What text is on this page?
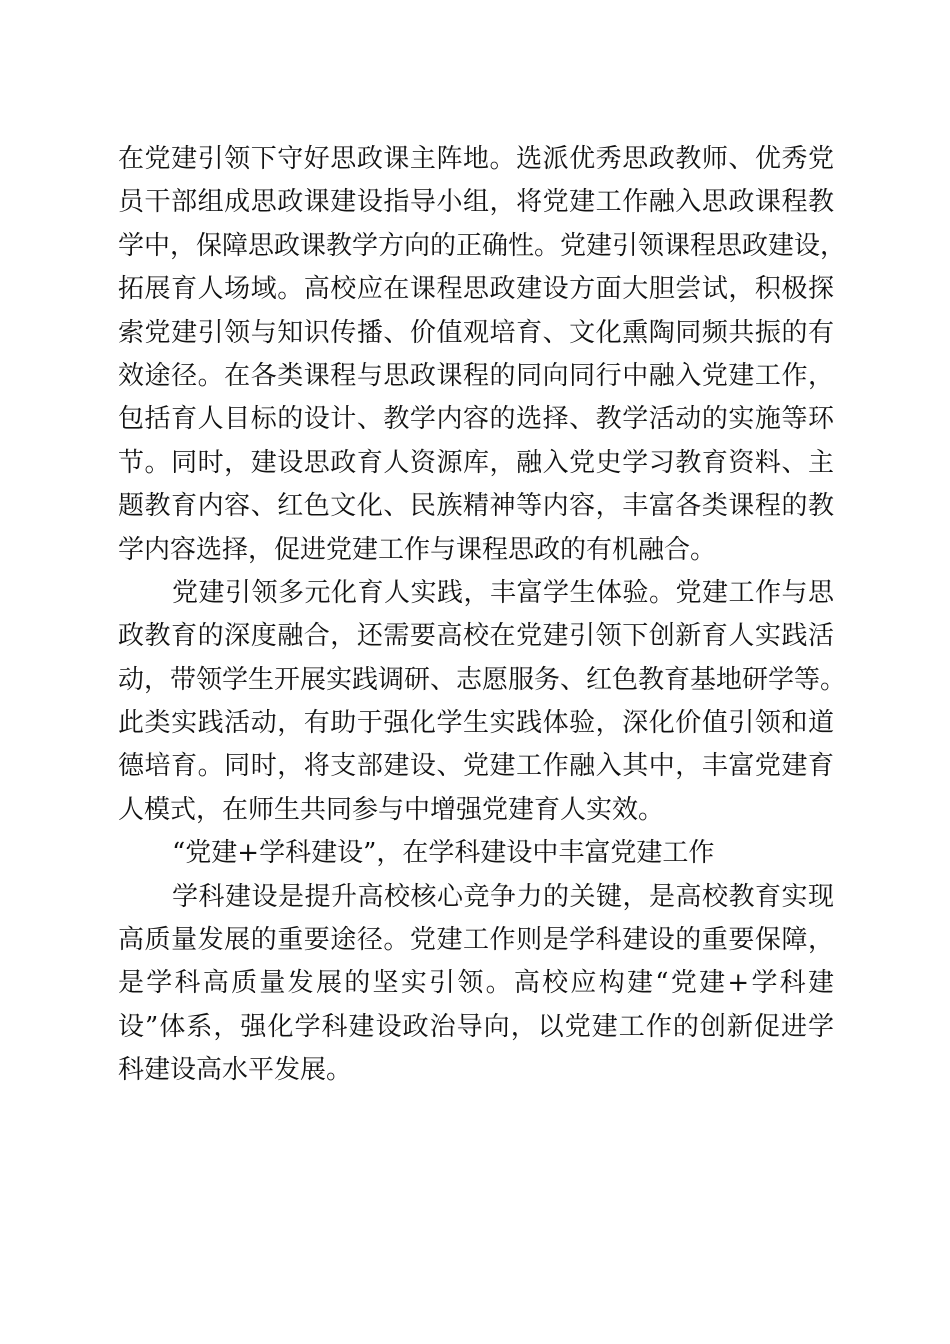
在党建引领下守好思政课主阵地。选派优秀思政教师、优秀党
员干部组成思政课建设指导小组，将党建工作融入思政课程教
学中，保障思政课教学方向的正确性。党建引领课程思政建设，
拓展育人场域。高校应在课程思政建设方面大胆尝试，积极探
索党建引领与知识传播、价值观培育、文化熏陶同频共振的有
效途径。在各类课程与思政课程的同向同行中融入党建工作，
包括育人目标的设计、教学内容的选择、教学活动的实施等环
节。同时，建设思政育人资源库，融入党史学习教育资料、主
题教育内容、红色文化、民族精神等内容，丰富各类课程的教
学内容选择，促进党建工作与课程思政的有机融合。
党建引领多元化育人实践，丰富学生体验。党建工作与思
政教育的深度融合，还需要高校在党建引领下创新育人实践活
动，带领学生开展实践调研、志愿服务、红色教育基地研学等。
此类实践活动，有助于强化学生实践体验，深化价值引领和道
德培育。同时，将支部建设、党建工作融入其中，丰富党建育
人模式，在师生共同参与中增强党建育人实效。
“党建+学科建设”，在学科建设中丰富党建工作
学科建设是提升高校核心竞争力的关键，是高校教育实现
高质量发展的重要途径。党建工作则是学科建设的重要保障，
是学科高质量发展的坚实引领。高校应构建“党建+学科建
设”体系，强化学科建设政治导向，以党建工作的创新促进学
科建设高水平发展。
